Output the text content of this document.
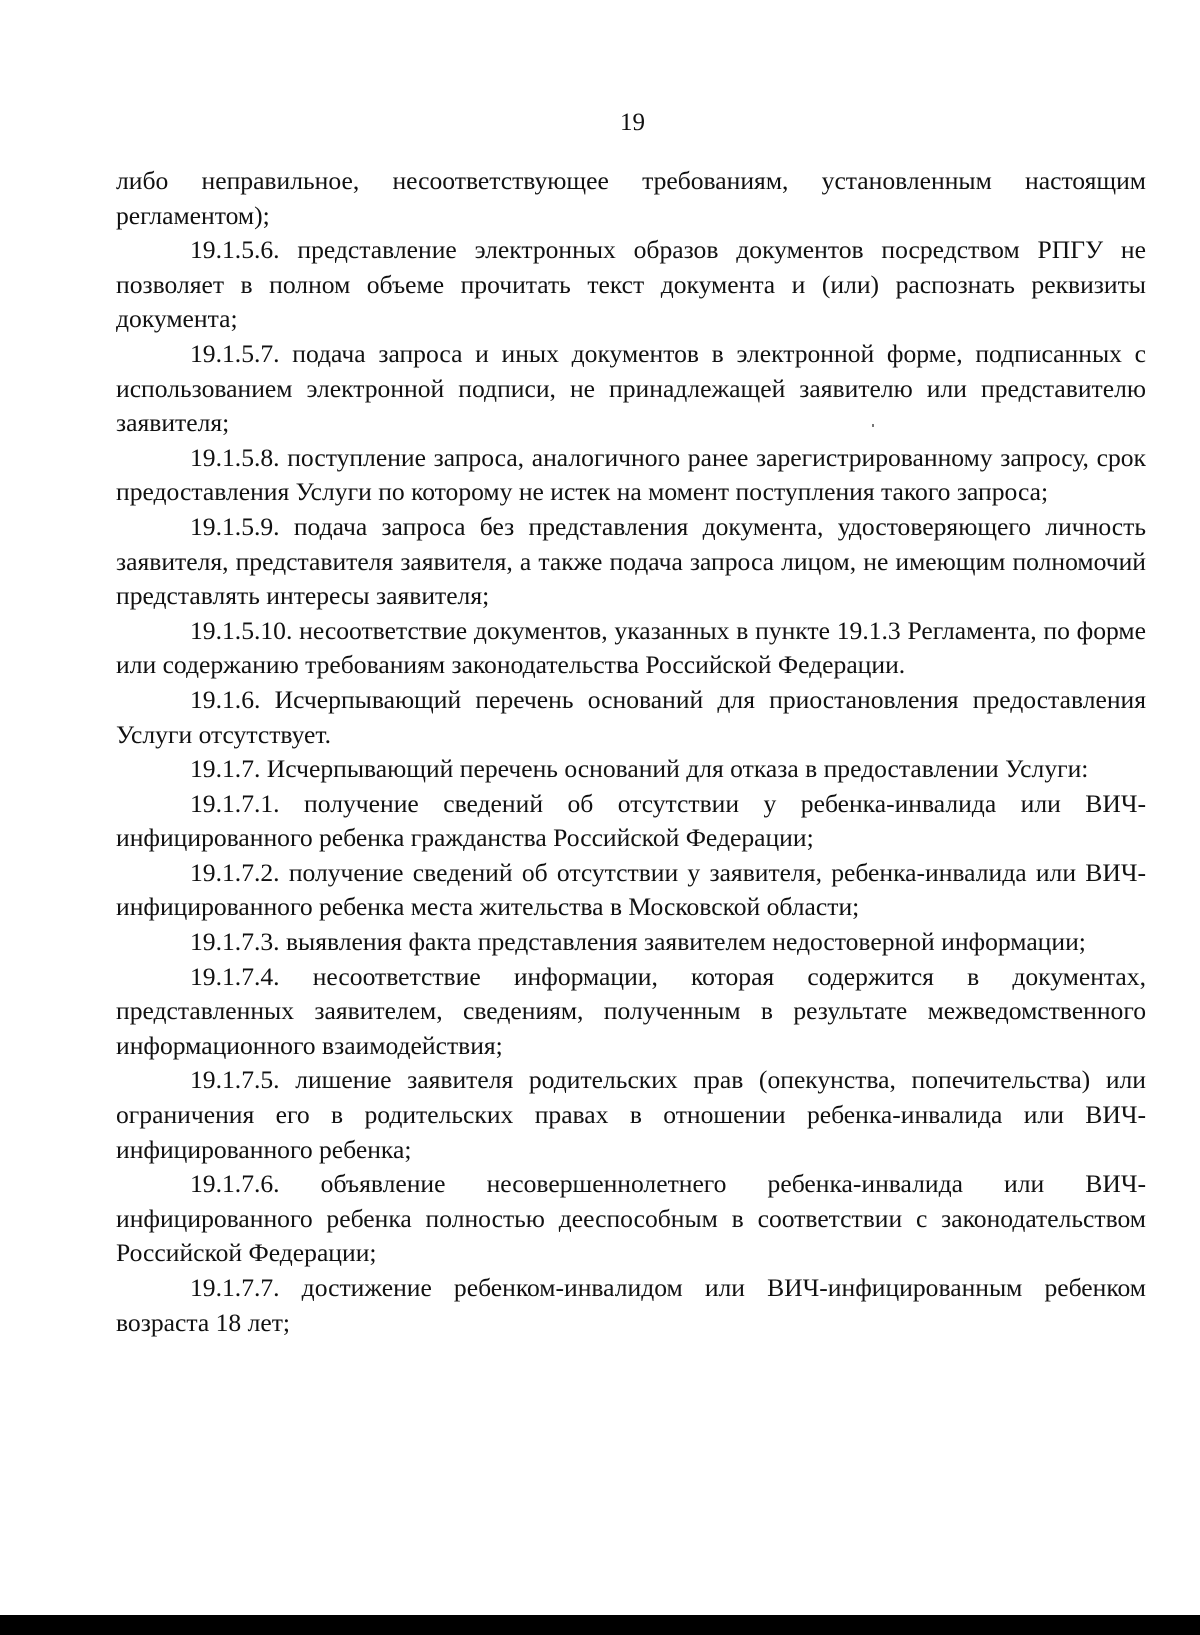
19

либо неправильное, несоответствующее требованиям, установленным настоящим регламентом);

19.1.5.6. представление электронных образов документов посредством РПГУ не позволяет в полном объеме прочитать текст документа и (или) распознать реквизиты документа;

19.1.5.7. подача запроса и иных документов в электронной форме, подписанных с использованием электронной подписи, не принадлежащей заявителю или представителю заявителя;

19.1.5.8. поступление запроса, аналогичного ранее зарегистрированному запросу, срок предоставления Услуги по которому не истек на момент поступления такого запроса;

19.1.5.9. подача запроса без представления документа, удостоверяющего личность заявителя, представителя заявителя, а также подача запроса лицом, не имеющим полномочий представлять интересы заявителя;

19.1.5.10. несоответствие документов, указанных в пункте 19.1.3 Регламента, по форме или содержанию требованиям законодательства Российской Федерации.

19.1.6. Исчерпывающий перечень оснований для приостановления предоставления Услуги отсутствует.

19.1.7. Исчерпывающий перечень оснований для отказа в предоставлении Услуги:

19.1.7.1. получение сведений об отсутствии у ребенка-инвалида или ВИЧ-инфицированного ребенка гражданства Российской Федерации;

19.1.7.2. получение сведений об отсутствии у заявителя, ребенка-инвалида или ВИЧ-инфицированного ребенка места жительства в Московской области;

19.1.7.3. выявления факта представления заявителем недостоверной информации;

19.1.7.4. несоответствие информации, которая содержится в документах, представленных заявителем, сведениям, полученным в результате межведомственного информационного взаимодействия;

19.1.7.5. лишение заявителя родительских прав (опекунства, попечительства) или ограничения его в родительских правах в отношении ребенка-инвалида или ВИЧ-инфицированного ребенка;

19.1.7.6. объявление несовершеннолетнего ребенка-инвалида или ВИЧ-инфицированного ребенка полностью дееспособным в соответствии с законодательством Российской Федерации;

19.1.7.7. достижение ребенком-инвалидом или ВИЧ-инфицированным ребенком возраста 18 лет;
